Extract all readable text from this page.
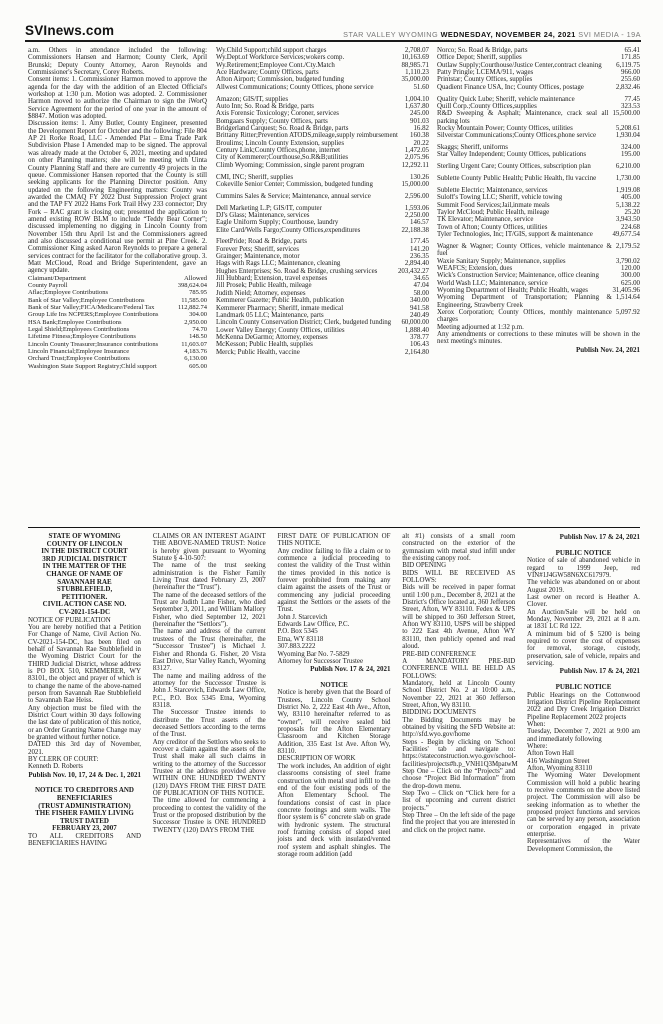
SVInews.com	STAR VALLEY WYOMING WEDNESDAY, NOVEMBER 24, 2021 SVI MEDIA - 19A
a.m. Others in attendance included the following: Commissioners Hansen and Harmon; County Clerk, April Brunski; Deputy County Attorney, Aaron Reynolds and Commissioner's Secretary, Corey Roberts.
Consent items: 1. Commissioner Harmon moved to approve the agenda for the day with the addition of an Elected Official's workshop at 1:30 p.m. Motion was adopted. 2. Commissioner Harmon moved to authorize the Chairman to sign the iWorQ Service Agreement for the period of one year in the amount of $8847. Motion was adopted.
Discussion items: 1. Amy Butler, County Engineer, presented the Development Report for October and the following: File 804 AP 21 Rorke Road, LLC - Amended Plat – Etna Trade Park Subdivision Phase I Amended map to be signed. The approval was already made at the October 6, 2021, meeting and updated on other Planning matters; she will be meeting with Uinta County Planning Staff and there are currently 49 projects in the queue. Commissioner Hansen reported that the County is still seeking applicants for the Planning Director position. Amy updated on the following Engineering matters: County was awarded the CMAQ FY 2022 Dust Suppression Project grant and the TAP FY 2022 Hams Fork Trail Hwy 233 connector; Dry Fork – RAC grant is closing out; presented the application to amend existing ROW BLM to include “Teddy Bear Corner”; discussed implementing no digging in Lincoln County from November 15th thru April 1st and the Commissioners agreed and also discussed a conditional use permit at Pine Creek. 2. Commissioner King asked Aaron Reynolds to prepare a general services contract for the facilitator for the collaborative group. 3. Matt McCloud, Road and Bridge Superintendent, gave an agency update.
Claimant/Department	Allowed
398,624.04
County Payroll
785.95
Aflac;Employee Contributions
11,585.00
Bank of Star Valley;Employee Contributions
112,882.74
Bank of Star Valley;FICA/Medicare/Federal Tax
304.00
Group Life Ins NCPERS;Employee Contributions
2,950.00
HSA Bank;Employee Contributions
74.70
Legal Shield;Employees Contributions
148.50
Lifetime Fitness;Employee Contributions
11,603.07
Lincoln County Treasurer;Insurance contributions
4,183.76
Lincoln Financial;Employee Insurance
6,130.00
Orchard Trust;Employee Contributions
605.00
Washington State Support Registry;Child support
2,708.07
Wy.Child Support;child support charges
10,163.69
Wy.Dept.of Workforce Services;wokers comp.
88,985.71
Wy.Retirement;Employee Cont./Cty.Match
1,110.23
Ace Hardware; County Offices, parts
35,000.00
Afton Airport; Commission, budgeted funding
51.60
Allwest Communications; County Offices, phone service
1,004.10
Amazon; GIS/IT, supplies
1,637.80
Auto Inn; So. Road & Bridge, parts
245.00
Axis Forensic Toxicology; Coroner, services
901.03
Bomgaars Supply; County Offices, parts
16.82
Bridgerland Carquest; So. Road & Bridge, parts
160.38
Brittany Ritter;Prevention ATODS,mileage,supply reimbursement
20.22
Broulims; Lincoln County Extension, supplies
1,472.05
Century Link;County Offices,phone, internet
2,075.96
City of Kemmerer;Courthouse,So.R&B;utilities
12,292.11
Climb Wyoming; Commission, single parent program
130.26
CMI, INC; Sheriff, supplies
15,000.00
Cokeville Senior Center; Commission, budgeted funding
2,596.00
Cummins Sales & Service; Maintenance, annual service
1,593.06
Dell Marketing L.P; GIS/IT, computer
2,250.00
DJ's Glass; Maintenance, services
146.57
Eagle Uniform Supply; Courthouse, laundry
22,188.38
Elite Card/Wells Fargo;County Offices,expenditures
177.45
FleetPride; Road & Bridge, parts
141.20
Forever Pets; Sheriff, services
236.35
Grainger; Maintenance, motor
2,894.40
Hags with Rags LLC; Maintenance, cleaning
203,432.27
Hughes Enterprises; So. Road & Bridge, crushing services
34.65
Jill Hubbard; Extension, travel expenses
47.04
Jill Prosek; Public Health, mileage
58.00
Judith Nield; Attorney, expenses
340.00
Kemmerer Gazette; Public Health, publication
941.58
Kemmerer Pharmacy; Sheriff, inmate medical
240.49
Landmark 05 LLC; Maintenance, parts
60,000.00
Lincoln County Conservation District; Clerk, budgeted funding
1,888.40
Lower Valley Energy; County Offices, utilities
378.77
McKenna DeGarmo; Attorney, expenses
106.43
McKesson; Public Health, supplies
2,164.80
Merck; Public Health, vaccine
65.41
Norco; So. Road & Bridge, parts
171.85
Office Depot; Sheriff, supplies
6,119.75
Outlaw Supply;Courthouse/Justice Center,contract cleaning
966.00
Patty Pringle; LCEMA/911, wages
255.60
Printstar; County Offices, supplies
2,832.46
Quadient Finance USA, Inc; County Offices, postage
77.45
Quality Quick Lube; Sheriff, vehicle maintenance
323.53
Quill Corp.;County Offices,supplies
15,500.00
R&D Sweeping & Asphalt; Maintenance, crack seal all parking lots
5,208.61
Rocky Mountain Power; County Offices, utilities
1,930.04
Silverstar Communications;County Offices,phone service
324.00
Skaggs; Sheriff, uniforms
195.00
Star Valley Independent; County Offices, publications
6,210.00
Sterling Urgent Care; County Offices, subscription plan
1,730.00
Sublette County Public Health; Public Health, flu vaccine
1,919.08
Sublette Electric; Maintenance, services
405.00
Suloff's Towing LLC; Sheriff, vehicle towing
5,138.22
Summit Food Services;Jail,inmate meals
25.20
Taylor McCloud; Public Health, mileage
3,943.50
TK Elevator; Maintenance, service
224.68
Town of Afton; County Offices, utilities
49,677.54
Tyler Technologies, Inc; IT/GIS, support & maintenance
2,179.52
Wagner & Wagner; County Offices, vehicle maintenance & fuel
3,790.02
Waxie Sanitary Supply; Maintenance, supplies
120.00
WEAFCS; Extension, dues
300.00
Wick's Construction Service; Maintenance, office cleaning
625.00
World Wash LLC; Maintenance, service
31,405.96
Wyoming Department of Health; Public Health, wages
1,514.64
Wyoming Department of Transportation; Planning & Engineering, Strawberry Creek
5,097.92
Xerox Corporation; County Offices, monthly maintenance charges
Meeting adjourned at 1:32 p.m.
Any amendments or corrections to these minutes will be shown in the next meeting's minutes.
Publish Nov. 24, 2021
STATE OF WYOMING
COUNTY OF LINCOLN
IN THE DISTRICT COURT
3RD JUDICIAL DISTRICT
IN THE MATTER OF THE
CHANGE OF NAME OF
SAVANNAH RAE
STUBBLEFIELD,
PETITIONER.
CIVIL ACTION CASE NO.
CV-2021-154-DC
NOTICE OF PUBLICATION
You are hereby notified that a Petition For Change of Name, Civil Action No. CV-2021-154-DC, has been filed on behalf of Savannah Rae Stubblefield in the Wyoming District Court for the THIRD Judicial District, whose address is PO BOX 510, KEMMERER, WY 83101, the object and prayer of which is to change the name of the above-named person from Savannah Rae Stubblefield to Savannah Rae Heiss.
Any objection must be filed with the District Court within 30 days following the last date of publication of this notice, or an Order Granting Name Change may be granted without further notice.
DATED this 3rd day of November, 2021.
BY CLERK OF COURT:
Kenneth D. Roberts
Publish Nov. 10, 17, 24 & Dec. 1, 2021
NOTICE TO CREDITORS AND BENEFICIARIES
(TRUST ADMINISTRATION)
THE FISHER FAMILY LIVING TRUST DATED
FEBRUARY 23, 2007
TO ALL CREDITORS AND BENEFICIARIES HAVING
CLAIMS OR AN INTEREST AGAINT THE ABOVE-NAMED TRUST: Notice is hereby given pursuant to Wyoming Statute § 4-10-507:
The name of the trust seeking administration is the Fisher Family Living Trust dated February 23, 2007 (hereinafter the “Trust”).
The name of the deceased settlors of the Trust are Judith Lane Fisher, who died September 3, 2011, and William Mallory Fisher, who died September 12, 2021 (hereinafter the “Settlors”).
The name and address of the current trustees of the Trust (hereinafter, the “Successor Trustee”) is Michael J. Fisher and Rhonda G. Fisher, 20 Vista East Drive, Star Valley Ranch, Wyoming 83127.
The name and mailing address of the attorney for the Successor Trustee is John J. Starcevich, Edwards Law Office, P.C., P.O. Box 5345 Etna, Wyoming 83118.
The Successor Trustee intends to distribute the Trust assets of the deceased Settlors according to the terms of the Trust.
Any creditor of the Settlors who seeks to recover a claim against the assets of the Trust shall make all such claims in writing to the attorney of the Successor Trustee at the address provided above WITHIN ONE HUNDRED TWENTY (120) DAYS FROM THE FIRST DATE OF PUBLICATION OF THIS NOTICE.
The time allowed for commencing a proceeding to contest the validity of the Trust or the proposed distribution by the Successor Trustee is ONE HUNDRED TWENTY (120) DAYS FROM THE
FIRST DATE OF PUBLICATION OF THIS NOTICE.
Any creditor failing to file a claim or to commence a judicial proceeding to contest the validity of the Trust within the times provided in this notice is forever prohibited from making any claim against the assets of the Trust or commencing any judicial proceeding against the Settlors or the assets of the Trust.
John J. Starcevich
Edwards Law Office, P.C.
P.O. Box 5345
Etna, WY 83118
307.883.2222
Wyoming Bar No. 7-5829
Attorney for Successor Trustee
Publish Nov. 17 & 24, 2021
NOTICE
Notice is hereby given that the Board of Trustees, Lincoln County School District No. 2, 222 East 4th Ave., Afton, Wy, 83110 hereinafter referred to as “owner”, will receive sealed bid proposals for the Afton Elementary Classroom and Kitchen Storage Addition, 335 East 1st Ave. Afton Wy, 83110.
DESCRIPTION OF WORK
The work includes, An addition of eight classrooms consisting of steel frame construction with metal stud infill to the end of the four existing pods of the Afton Elementary School. The foundations consist of cast in place concrete footings and stem walls. The floor system is 6” concrete slab on grade with hydronic system. The structural roof framing consists of sloped steel joists and deck with insulated/vented roof system and asphalt shingles. The storage room addition (add
alt #1) consists of a small room constructed on the exterior of the gymnasium with metal stud infill under the existing canopy roof.
BID OPENING
BIDS WILL BE RECEIVED AS FOLLOWS:
Bids will be received in paper format until 1:00 p.m., December 8, 2021 at the District's Office located at, 360 Jefferson Street, Afton, WY 83110. Fedex & UPS will be shipped to 360 Jefferson Street, Afton WY 83110, USPS will be shipped to 222 East 4th Avenue, Afton WY 83110, then publicly opened and read aloud.
PRE-BID CONFERENCE
A MANDATORY PRE-BID CONFERENCE WILL BE HELD AS FOLLOWS:
Mandatory, held at Lincoln County School District No. 2 at 10:00 a.m., November 22, 2021 at 360 Jefferson Street, Afton, Wy 83110.
BIDDING DOCUMENTS
The Bidding Documents may be obtained by visiting the SFD Website at: http://sfd.wyo.gov/home
Steps - Begin by clicking on 'School Facilities' tab and navigate to: https://stateconstruction.wyo.gov/school-facilities/projects#h.p_VNH1Q3MpatwM
Step One – Click on the “Projects” and choose “Project Bid Information” from the drop-down menu.
Step Two – Click on “Click here for a list of upcoming and current district projects.”
Step Three – On the left side of the page find the project that you are interested in and click on the project name.
Publish Nov. 17 & 24, 2021
PUBLIC NOTICE
Notice of sale of abandoned vehicle in regard to 1999 Jeep, red VIN#1J4GW58N6XC617979.
The vehicle was abandoned on or about August 2019.
Last owner on record is Heather A. Clover.
An Auction/Sale will be held on Monday, November 29, 2021 at 8 a.m. at 1831 LC Rd 122.
A minimum bid of $ 5200 is being required to cover the cost of expenses for removal, storage, custody, preservation, sale of vehicle, repairs and servicing.
Publish Nov. 17 & 24, 2021
PUBLIC NOTICE
Public Hearings on the Cottonwood Irrigation District Pipeline Replacement 2022 and Dry Creek Irrigation District Pipeline Replacement 2022 projects
When:
Tuesday, December 7, 2021 at 9:00 am and immediately following
Where:
Afton Town Hall
416 Washington Street
Afton, Wyoming 83110
The Wyoming Water Development Commission will hold a public hearing to receive comments on the above listed project. The Commission will also be seeking information as to whether the proposed project functions and services can be served by any person, association or corporation engaged in private enterprise.
Representatives of the Water Development Commission, the
